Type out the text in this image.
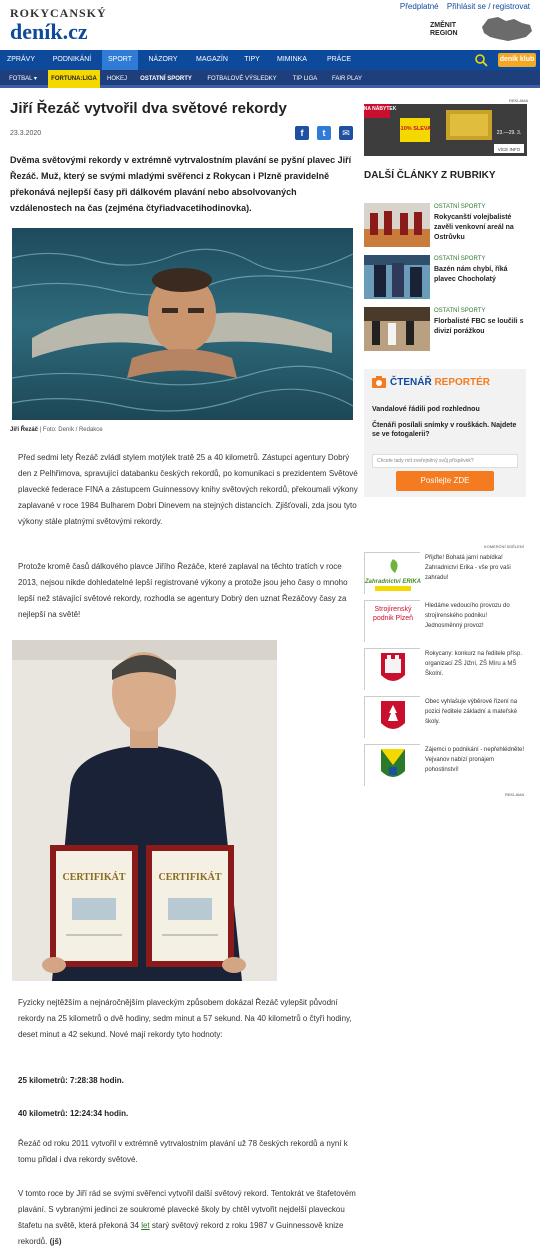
ROKYCANSKÝ
deník.cz
Předplatné Přihlásit se / registrovat
ZMĚNIT REGION
ZPRÁVY	PODNIKÁNÍ	SPORT	NÁZORY	MAGAZÍN	TIPY	MIMINKA	PRÁCE	deník klub
FOTBAL ▾	FORTUNA:LIGA	HOKEJ	OSTATNÍ SPORTY	FOTBALOVÉ VÝSLEDKY	TIP LIGA	FAIR PLAY
Jiří Řezáč vytvořil dva světové rekordy
23.3.2020	f	t	✉
Dvěma světovými rekordy v extrémně vytrvalostním plavání se pyšní plavec Jiří Řezáč. Muž, který se svými mladými svěřenci z Rokycan i Plzně pravidelně překonává nejlepší časy při dálkovém plavání nebo absolvovaných vzdálenostech na čas (zejména čtyřiadvacetihodinovka).
Jiří Řezáč | Foto: Deník / Redakce

Před sedmi lety Řezáč zvládl stylem motýlek tratě 25 a 40 kilometrů. Zástupci agentury Dobrý den z Pelhřimova, spravující databanku českých rekordů, po komunikaci s prezidentem Světové plavecké federace FINA a zástupcem Guinnessovy knihy světových rekordů, překoumali výkony zaplavané v roce 1984 Bulharem Dobri Dinevem na stejných distancích. Zjišťovali, zda jsou tyto výkony stále platnými světovými rekordy.

Protože kromě časů dálkového plavce Jiřího Řezáče, které zaplaval na těchto tratích v roce 2013, nejsou nikde dohledatelné lepší registrované výkony a protože jsou jeho časy o mnoho lepší než stávající světové rekordy, rozhodla se agentury Dobrý den uznat Řezáčovy časy za nejlepší na světě!

CERTIFIKÁT	CERTIFIKÁT

Fyzicky nejtěžším a nejnáročnějším plaveckým způsobem dokázal Řezáč vylepšit původní rekordy na 25 kilometrů o dvě hodiny, sedm minut a 57 sekund. Na 40 kilometrů o čtyři hodiny, deset minut a 42 sekund. Nové mají rekordy tyto hodnoty:

25 kilometrů: 7:28:38 hodin.

40 kilometrů: 12:24:34 hodin.

Řezáč od roku 2011 vytvořil v extrémně vytrvalostním plavání už 78 českých rekordů a nyní k tomu přidal i dva rekordy světové.

V tomto roce by Jiří rád se svými svěřenci vytvořil další světový rekord. Tentokrát ve štafetovém plavání. S vybranými jedinci ze soukromé plavecké školy by chtěl vytvořit nejdelší plaveckou štafetu na světě, která překoná 34 let starý světový rekord z roku 1987 v Guinnessově knize rekordů. (jš)

REKLAMA
JENA NÁBYTEK
-10% SLEVA
23.—29. 3.
VÍCE INFO
DALŠÍ ČLÁNKY Z RUBRIKY
OSTATNÍ SPORTY
Rokycanští volejbalisté zavěli venkovní areál na Ostrůvku
OSTATNÍ SPORTY
Bazén nám chybí, říká plavec Chocholatý
OSTATNÍ SPORTY
Florbalisté FBC se loučili s divizí porážkou
ČTENÁŘ REPORTÉR
Chcete tady mít zveřejněný svůj příspěvek?
Posílejte ZDE
Vandalové řádili pod rozhlednou
Čtenáři posílali snímky v rouškách. Najdete se ve fotogalerii?
KOMERČNÍ SDĚLENÍ
Zahradnictví ERIKA
Přijďte! Bohatá jarní nabídka! Zahradnictví Erika - vše pro vaši zahradu!
Strojírenský podnik Plzeň
Hledáme vedoucího provozu do strojírenského podniku! Jednosměnný provoz!
Rokycany: konkurz na ředitele přísp. organizací ZŠ Jižní, ZŠ Míru a MŠ Školní.
Obec vyhlašuje výběrové řízení na pozici ředitele základní a mateřské školy.
Zájemci o podnikání - nepřehlédněte! Vejvanov nabízí pronájem pohostinství!
REKLAMA
